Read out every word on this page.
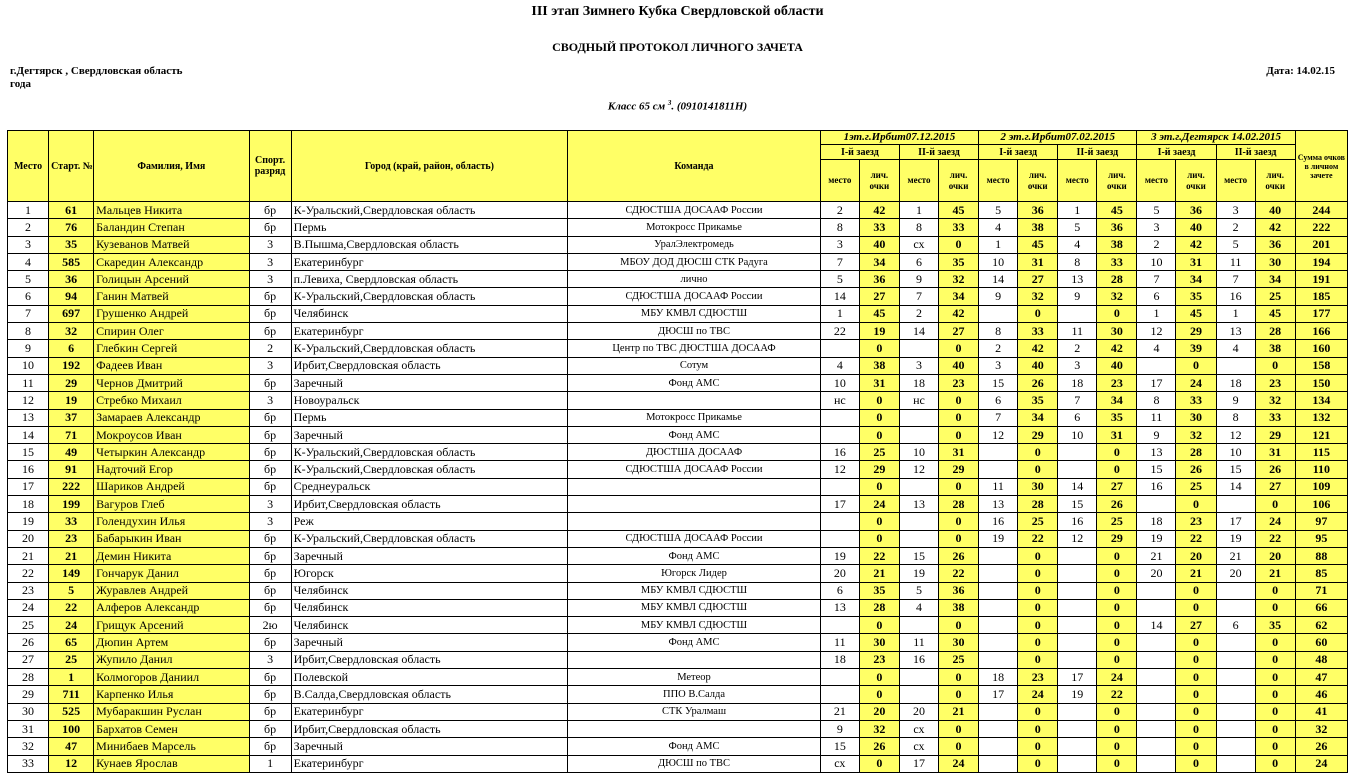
III этап Зимнего Кубка Свердловской области
СВОДНЫЙ ПРОТОКОЛ ЛИЧНОГО ЗАЧЕТА
г.Дегтярск , Свердловская область
года
Дата: 14.02.15
Класс 65 см $^3$. (0910141811Н)
Место	Старт. №	Фамилия, Имя	Спорт. разряд	Город (край, район, область)	Команда	1эт.г.Ирбит07.12.2015				2 эт.г.Ирбит07.02.2015				3 эт.г.Дегтярск 14.02.2015				Сумма очков в личном зачете
						I-й заезд		II-й заезд		I-й заезд		II-й заезд		I-й заезд		II-й заезд		
						место	лич. очки	место	лич. очки	место	лич. очки	место	лич. очки	место	лич. очки	место	лич. очки	
1	61	Мальцев Никита	бр	К-Уральский,Свердловская область	СДЮСТША ДОСААФ России	2	42	1	45	5	36	1	45	5	36	3	40	244
2	76	Баландин Степан	бр	Пермь	Мотокросс Прикамье	8	33	8	33	4	38	5	36	3	40	2	42	222
3	35	Кузеванов Матвей	3	В.Пышма,Свердловская область	УралЭлектромедь	3	40	сх	0	1	45	4	38	2	42	5	36	201
4	585	Скаредин Александр	3	Екатеринбург	МБОУ ДОД ДЮСШ СТК Радуга	7	34	6	35	10	31	8	33	10	31	11	30	194
5	36	Голицын Арсений	3	п.Левиха, Свердловская область	лично	5	36	9	32	14	27	13	28	7	34	7	34	191
6	94	Ганин Матвей	бр	К-Уральский,Свердловская область	СДЮСТША ДОСААФ России	14	27	7	34	9	32	9	32	6	35	16	25	185
7	697	Грушенко Андрей	бр	Челябинск	МБУ КМВЛ СДЮСТШ	1	45	2	42		0		0	1	45	1	45	177
8	32	Спирин Олег	бр	Екатеринбург	ДЮСШ по ТВС	22	19	14	27	8	33	11	30	12	29	13	28	166
9	6	Глебкин Сергей	2	К-Уральский,Свердловская область	Центр по ТВС ДЮСТША ДОСААФ		0		0	2	42	2	42	4	39	4	38	160
10	192	Фадеев Иван	3	Ирбит,Свердловская область	Сотум	4	38	3	40	3	40	3	40		0		0	158
11	29	Чернов Дмитрий	бр	Заречный	Фонд АМС	10	31	18	23	15	26	18	23	17	24	18	23	150
12	19	Стребко Михаил	3	Новоуральск		нс	0	нс	0	6	35	7	34	8	33	9	32	134
13	37	Замараев Александр	бр	Пермь	Мотокросс Прикамье		0		0	7	34	6	35	11	30	8	33	132
14	71	Мокроусов Иван	бр	Заречный	Фонд АМС		0		0	12	29	10	31	9	32	12	29	121
15	49	Четыркин Александр	бр	К-Уральский,Свердловская область	ДЮСТША ДОСААФ	16	25	10	31		0		0	13	28	10	31	115
16	91	Надточий Егор	бр	К-Уральский,Свердловская область	СДЮСТША ДОСААФ России	12	29	12	29		0		0	15	26	15	26	110
17	222	Шариков Андрей	бр	Среднеуральск			0		0	11	30	14	27	16	25	14	27	109
18	199	Вагуров Глеб	3	Ирбит,Свердловская область		17	24	13	28	13	28	15	26		0		0	106
19	33	Голендухин Илья	3	Реж			0		0	16	25	16	25	18	23	17	24	97
20	23	Бабарыкин Иван	бр	К-Уральский,Свердловская область	СДЮСТША ДОСААФ России		0		0	19	22	12	29	19	22	19	22	95
21	21	Демин Никита	бр	Заречный	Фонд АМС	19	22	15	26		0		0	21	20	21	20	88
22	149	Гончарук Данил	бр	Югорск	Югорск Лидер	20	21	19	22		0		0	20	21	20	21	85
23	5	Журавлев Андрей	бр	Челябинск	МБУ КМВЛ СДЮСТШ	6	35	5	36		0		0		0		0	71
24	22	Алферов Александр	бр	Челябинск	МБУ КМВЛ СДЮСТШ	13	28	4	38		0		0		0		0	66
25	24	Грищук Арсений	2ю	Челябинск	МБУ КМВЛ СДЮСТШ		0		0		0		0	14	27	6	35	62
26	65	Дюпин Артем	бр	Заречный	Фонд АМС	11	30	11	30		0		0		0		0	60
27	25	Жупило Данил	3	Ирбит,Свердловская область		18	23	16	25		0		0		0		0	48
28	1	Колмогоров Даниил	бр	Полевской	Метеор		0		0	18	23	17	24		0		0	47
29	711	Карпенко Илья	бр	В.Салда,Свердловская область	ППО В.Салда		0		0	17	24	19	22		0		0	46
30	525	Мубаракшин Руслан	бр	Екатеринбург	СТК Уралмаш	21	20	20	21		0		0		0		0	41
31	100	Бархатов Семен	бр	Ирбит,Свердловская область		9	32	сх	0		0		0		0		0	32
32	47	Минибаев Марсель	бр	Заречный	Фонд АМС	15	26	сх	0		0		0		0		0	26
33	12	Кунаев Ярослав	1	Екатеринбург	ДЮСШ по ТВС	сх	0	17	24		0		0		0		0	24
